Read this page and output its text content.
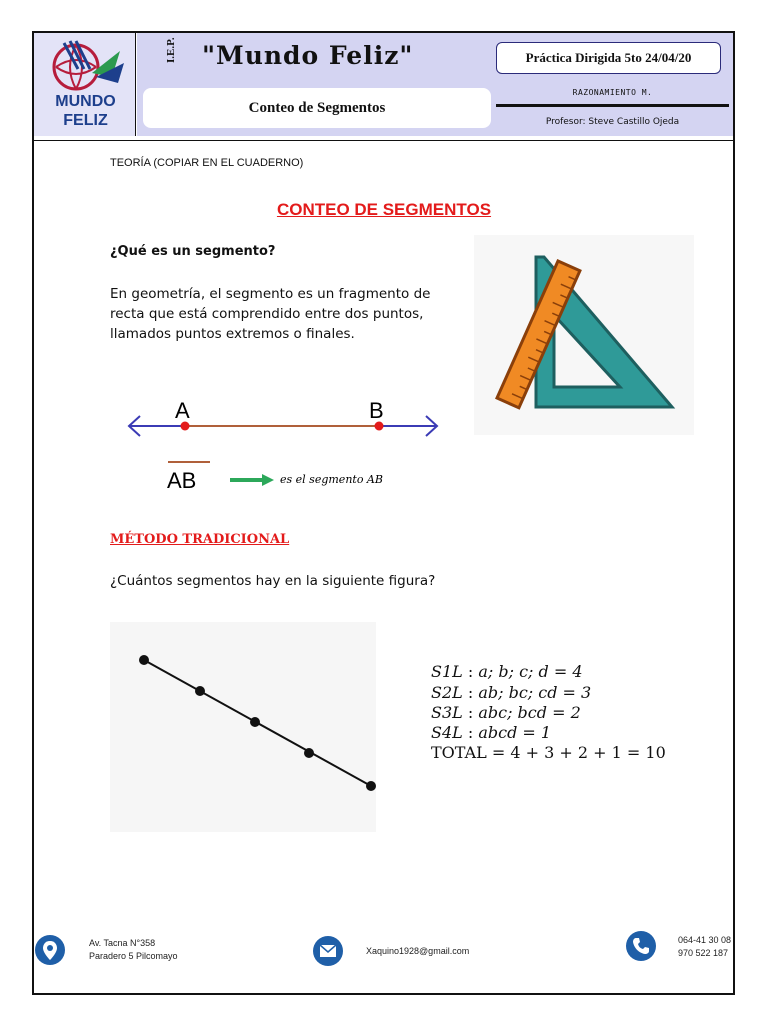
MUNDO
FELIZ
I.E.P. "Mundo Feliz"	Práctica Dirigida 5to 24/04/20
Conteo de Segmentos
RAZONAMIENTO M.
Profesor: Steve Castillo Ojeda
TEORÍA (COPIAR EN EL CUADERNO)
CONTEO DE SEGMENTOS
¿Qué es un segmento?
En geometría, el segmento es un fragmento de
recta que está comprendido entre dos puntos,
llamados puntos extremos o finales.
A	B
AB	es el segmento AB
MÉTODO TRADICIONAL
¿Cuántos segmentos hay en la siguiente figura?
S1L : a; b; c; d = 4
S2L : ab; bc; cd = 3
S3L : abc; bcd = 2
S4L : abcd = 1
TOTAL = 4 + 3 + 2 + 1 = 10
Av. Tacna N°358
Paradero 5 Pilcomayo	Xaquino1928@gmail.com
064-41 30 08
970 522 187
